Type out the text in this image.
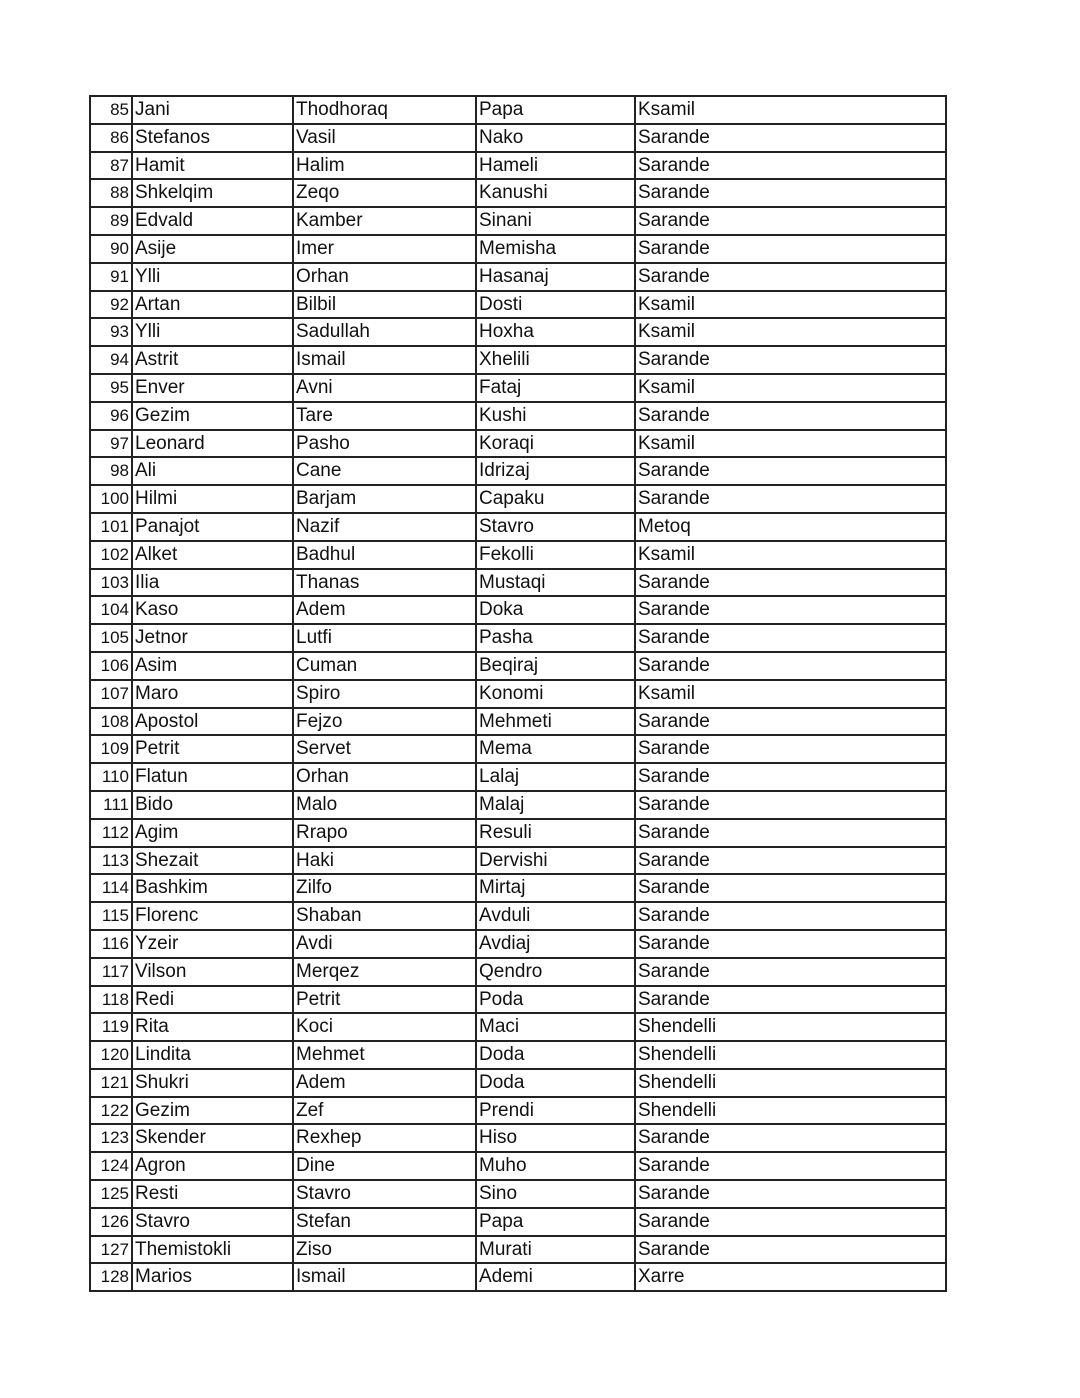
85 Jani	Thodhoraq	Papa	Ksamil
86 Stefanos	Vasil	Nako	Sarande
87 Hamit	Halim	Hameli	Sarande
88 Shkelqim	Zeqo	Kanushi	Sarande
89 Edvald	Kamber	Sinani	Sarande
90 Asije	Imer	Memisha	Sarande
91 Ylli	Orhan	Hasanaj	Sarande
92 Artan	Bilbil	Dosti	Ksamil
93 Ylli	Sadullah	Hoxha	Ksamil
94 Astrit	Ismail	Xhelili	Sarande
95 Enver	Avni	Fataj	Ksamil
96 Gezim	Tare	Kushi	Sarande
97 Leonard	Pasho	Koraqi	Ksamil
98 Ali	Cane	Idrizaj	Sarande
100 Hilmi	Barjam	Capaku	Sarande
101 Panajot	Nazif	Stavro	Metoq
102 Alket	Badhul	Fekolli	Ksamil
103 Ilia	Thanas	Mustaqi	Sarande
104 Kaso	Adem	Doka	Sarande
105 Jetnor	Lutfi	Pasha	Sarande
106 Asim	Cuman	Beqiraj	Sarande
107 Maro	Spiro	Konomi	Ksamil
108 Apostol	Fejzo	Mehmeti	Sarande
109 Petrit	Servet	Mema	Sarande
110 Flatun	Orhan	Lalaj	Sarande
111 Bido	Malo	Malaj	Sarande
112 Agim	Rrapo	Resuli	Sarande
113 Shezait	Haki	Dervishi	Sarande
114 Bashkim	Zilfo	Mirtaj	Sarande
115 Florenc	Shaban	Avduli	Sarande
116 Yzeir	Avdi	Avdiaj	Sarande
117 Vilson	Merqez	Qendro	Sarande
118 Redi	Petrit	Poda	Sarande
119 Rita	Koci	Maci	Shendelli
120 Lindita	Mehmet	Doda	Shendelli
121 Shukri	Adem	Doda	Shendelli
122 Gezim	Zef	Prendi	Shendelli
123 Skender	Rexhep	Hiso	Sarande
124 Agron	Dine	Muho	Sarande
125 Resti	Stavro	Sino	Sarande
126 Stavro	Stefan	Papa	Sarande
127 Themistokli	Ziso	Murati	Sarande
128 Marios	Ismail	Ademi	Xarre
